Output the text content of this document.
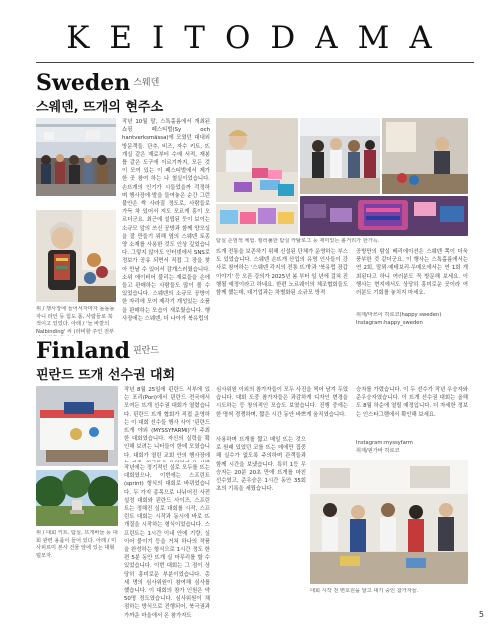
KEITODAMA
Sweden $^{스웨덴}$
스웨덴, 뜨개의 현주소
위 / 행사장에 들어서자마자 돌돌돌 자니 라인 등 힘도 폼, 사람들로 북적이고 있었다. 아래 / '늘 바깥의 Nalbinding' 씨 (라비할 주인 전부
작년 10월 말, 스톡홀름에서 개최된 쇼핑 페스티벌(Sy och hantverksmässa)에 모였던 대내외 방문객들. 단추, 비즈, 자수 키트, 뜨개실 같은 재료부터 수예 서적, 재봉틀 같은 도구에 이르기까지, 모든 것이 모여 있는 이 페스티벌에서 제가 한 곳 참여 하는 나 철실이었습니다. 손뜨개의 인기가 시들었을까 걱정하며 행사장에 발을 들여놓은 순간 그런 불안은 싹 사라질 정도로, 사람들로 가득 차 있어서 저도 모르게 흥이 오르더군요. 최근에 설립된 듯이 보이는 소규모 앞의 쓰신 공방과 함께 양모실을 잘 만들기 위해 옆의 스웨덴 토종 양 소재를 사용한 것도 인상 깊었습니다. 그렇지 않아도 인터넷에서 SNS로 정보가 공유 되면서 직접 그 장을 찾아 만날 수 있어서 감개스러웠습니다. 소위 에이비어 불리는 재료들을 손에 들고 판매하는 사람들도 많이 볼 수 있었습니다. 스웨덴의 소규모 공방이 한 자리에 모여 제각기 개성있는 소품을 판매하는 모습이 새로웠습니다. 행사장에는 스웨덴, 더 나아가 북유럽의
탐실 손염색 체험. 컬러풀한 탐실 카탈로그 등 재미있는 볼거리가 한가득.
뜨개 전통을 보존하기 위해 신설된 단체가 운영하는 부스도 있었습니다. 스웨덴 손뜨개 산업의 유명 인사들이 강사로 참여하는 '스웨덴 각지의 전통 뜨개'과 '북유럽 장갑 이야기' 등 오픈 강의가 2025년 봄 부터 일 년에 걸쳐 진행될 예정이라고 하네요. 한편 노르웨이의 체조협회들도 함께 했는데, 대기업과는 차별화된 소규모 방적
공방만의 탐실 베리에이션은 스웨덴 쪽이 더욱 풍부한 것 같더군요. 이 행사는 스톡홀름에서는 연 2회, 말뫼·예테보리·우메오에서는 연 1회 개최된다고 하니 여러분도 꼭 방문해 보세요. 이 행사는 현지에서도 상당히 흥미로운 곳이라 여러분도 기회를 놓치지 마세요.
취재/마쓰이 히로코(happy sweden)
Instagram:happy_sweden
Finland $^{핀란드}$
핀란드 뜨개 선수권 대회
위 / 대회 키트. 탐실, 뜨개바늘 등 대회 관련 용품이 들어 있다. 아래 / 미사피르미 본사 건물 앞에 있는 대형 털모자.
작년 8월 25일에 핀란드 서부에 있는 포리(Pori)에서 핀란드 전국에서 모여든 뜨개 선수권 대회가 열렸습니다. 핀란드 뜨개 협회가 직접 운영하는 이 대회 선수들 행사 사이 '핀란드 뜨개 야외 (MYSSYFARMI)'가 주최한 대회였습니다. 자신의 실력을 확인해 보려는 니터들이 한데 모였습니다. 대회가 열린 교회 안의 행사장에
작년에는 정기적인 실로 모두를 뜨는 대회였으나, 이번에는 스프린트(sprint) 형식의 대회로 바뀌었습니다. 두 가지 종목으로 나뉘어진 사전 설정 대회와 핀란드 사이즈, 스프린트는 정해진 실로 대회를 시작, 스프린트 대회는 시작과 동시에 바로 뜨개질을 시작하는 형식이었습니다. 스프린트는 1시간 이내 안에 기량, 실 이어 붙이기 등을 거쳐 하나의 작품을 완성하는 형식으로 1시간 정도 한편 5분 동안 뜨개 실 마무리를 할 수 있었습니다. 이번 대회는 그 점이 상당히 흥미로운 부분이었습니다. 총 세 명의 심사위원이 참여해 심사를 했습니다. 이 대회의 참가 인원은 약 50명 정도였습니다. 심사위원이 채점하는 방식으로 진행되어, 북극권과 가까운 마을에서 온 참가자도
심사위원 이외의 참가자들이 모두 사진을 찍어 남겨 두었습니다. 대회 도중 참가자들은 과감하게 디자인 변경을 시도하는 등 창의적인 모습도 보였습니다. 진행 중에는 한 명씩 경쟁하며, 짧은 시간 동안 바쁘게 움직였습니다.
사용하며 뜨개를 짧고 매일 뜨는 것으로 원래 있었던 코를 뜨는 데에만 집중해 실수가 없도록 주의하며 관객들과 함께 시간을 보냈습니다. 특히 1등 우승자는 20분 20초 만에 뜨개를 마친 선수였고, 준우승은 1시간 동안 35회 초의 기록을 세웠습니다.
승자를 가렸습니다. 이 두 선수가 작년 우승자와 준우승자였습니다. 이 뜨개 선수권 대회는 올해도 8월 하순에 열릴 예정입니다. 더 자세한 정보는 인스타그램에서 확인해 보세요.
Instagram:myssyfarm
취재/핀가바 히로코
대회 시작 전 변호원을 알고 대기 중인 참가자들.
5
